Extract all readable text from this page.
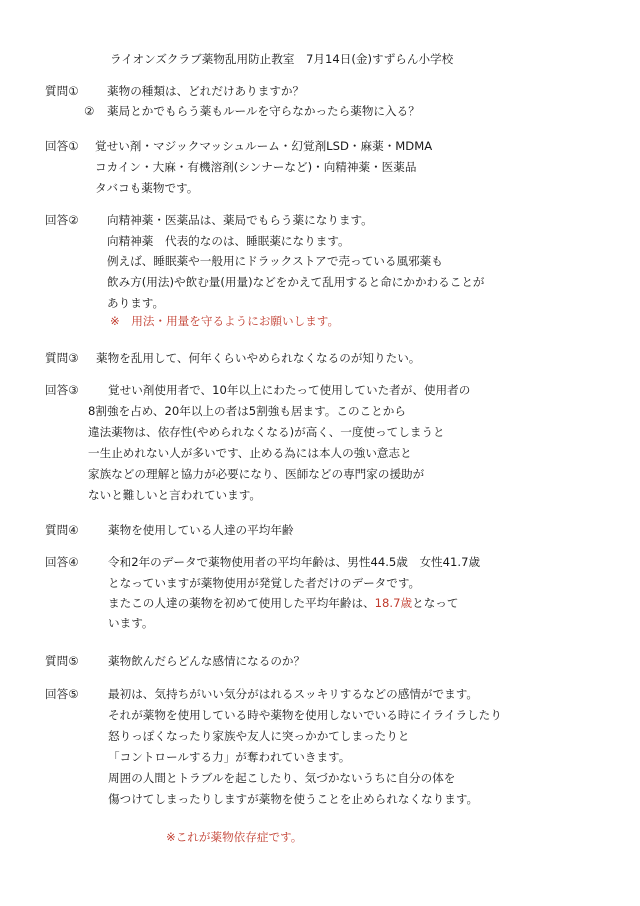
ライオンズクラブ薬物乱用防止教室　7月14日(金)すずらん小学校
質問① 薬物の種類は、どれだけありますか？
② 薬局とかでもらう薬もルールを守らなかったら薬物に入る？
回答① 覚せい剤・マジックマッシュルーム・幻覚剤LSD・麻薬・MDMA
コカイン・大麻・有機溶剤(シンナーなど)・向精神薬・医薬品
タバコも薬物です。
回答② 向精神薬・医薬品は、薬局でもらう薬になります。
向精神薬　代表的なのは、睡眠薬になります。
例えば、睡眠薬や一般用にドラックストアで売っている風邪薬も
飲み方(用法)や飲む量(用量)などをかえて乱用すると命にかかわることが
あります。
※　用法・用量を守るようにお願いします。
質問③ 薬物を乱用して、何年くらいやめられなくなるのが知りたい。
回答③	覚せい剤使用者で、10年以上にわたって使用していた者が、使用者の
8割強を占め、20年以上の者は5割強も居ます。このことから
違法薬物は、依存性(やめられなくなる)が高く、一度使ってしまうと
一生止めれない人が多いです、止める為には本人の強い意志と
家族などの理解と協力が必要になり、医師などの専門家の援助が
ないと難しいと言われています。
質問④	薬物を使用している人達の平均年齢
回答④	令和2年のデータで薬物使用者の平均年齢は、男性44.5歳　女性41.7歳
となっていますが薬物使用が発覚した者だけのデータです。
またこの人達の薬物を初めて使用した平均年齢は、18.7歳となって
います。
質問⑤	薬物飲んだらどんな感情になるのか？
回答⑤	最初は、気持ちがいい気分がはれるスッキリするなどの感情がでます。
それが薬物を使用している時や薬物を使用しないでいる時にイライラしたり
怒りっぽくなったり家族や友人に突っかかてしまったりと
「コントロールする力」が奪われていきます。
周囲の人間とトラブルを起こしたり、気づかないうちに自分の体を
傷つけてしまったりしますが薬物を使うことを止められなくなります。
※これが薬物依存症です。
